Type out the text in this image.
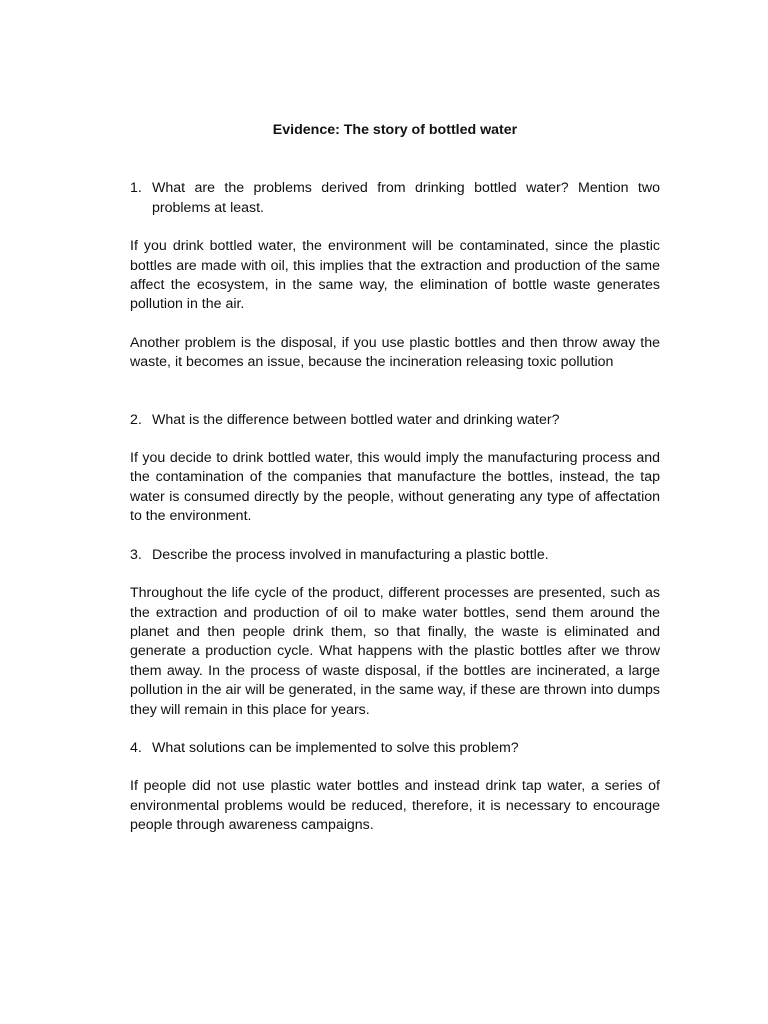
Evidence: The story of bottled water
1. What are the problems derived from drinking bottled water? Mention two problems at least.

If you drink bottled water, the environment will be contaminated, since the plastic bottles are made with oil, this implies that the extraction and production of the same affect the ecosystem, in the same way, the elimination of bottle waste generates pollution in the air.

Another problem is the disposal, if you use plastic bottles and then throw away the waste, it becomes an issue, because the incineration releasing toxic pollution

2. What is the difference between bottled water and drinking water?

If you decide to drink bottled water, this would imply the manufacturing process and the contamination of the companies that manufacture the bottles, instead, the tap water is consumed directly by the people, without generating any type of affectation to the environment.

3. Describe the process involved in manufacturing a plastic bottle.

Throughout the life cycle of the product, different processes are presented, such as the extraction and production of oil to make water bottles, send them around the planet and then people drink them, so that finally, the waste is eliminated and generate a production cycle. What happens with the plastic bottles after we throw them away. In the process of waste disposal, if the bottles are incinerated, a large pollution in the air will be generated, in the same way, if these are thrown into dumps they will remain in this place for years.

4. What solutions can be implemented to solve this problem?

If people did not use plastic water bottles and instead drink tap water, a series of environmental problems would be reduced, therefore, it is necessary to encourage people through awareness campaigns.
